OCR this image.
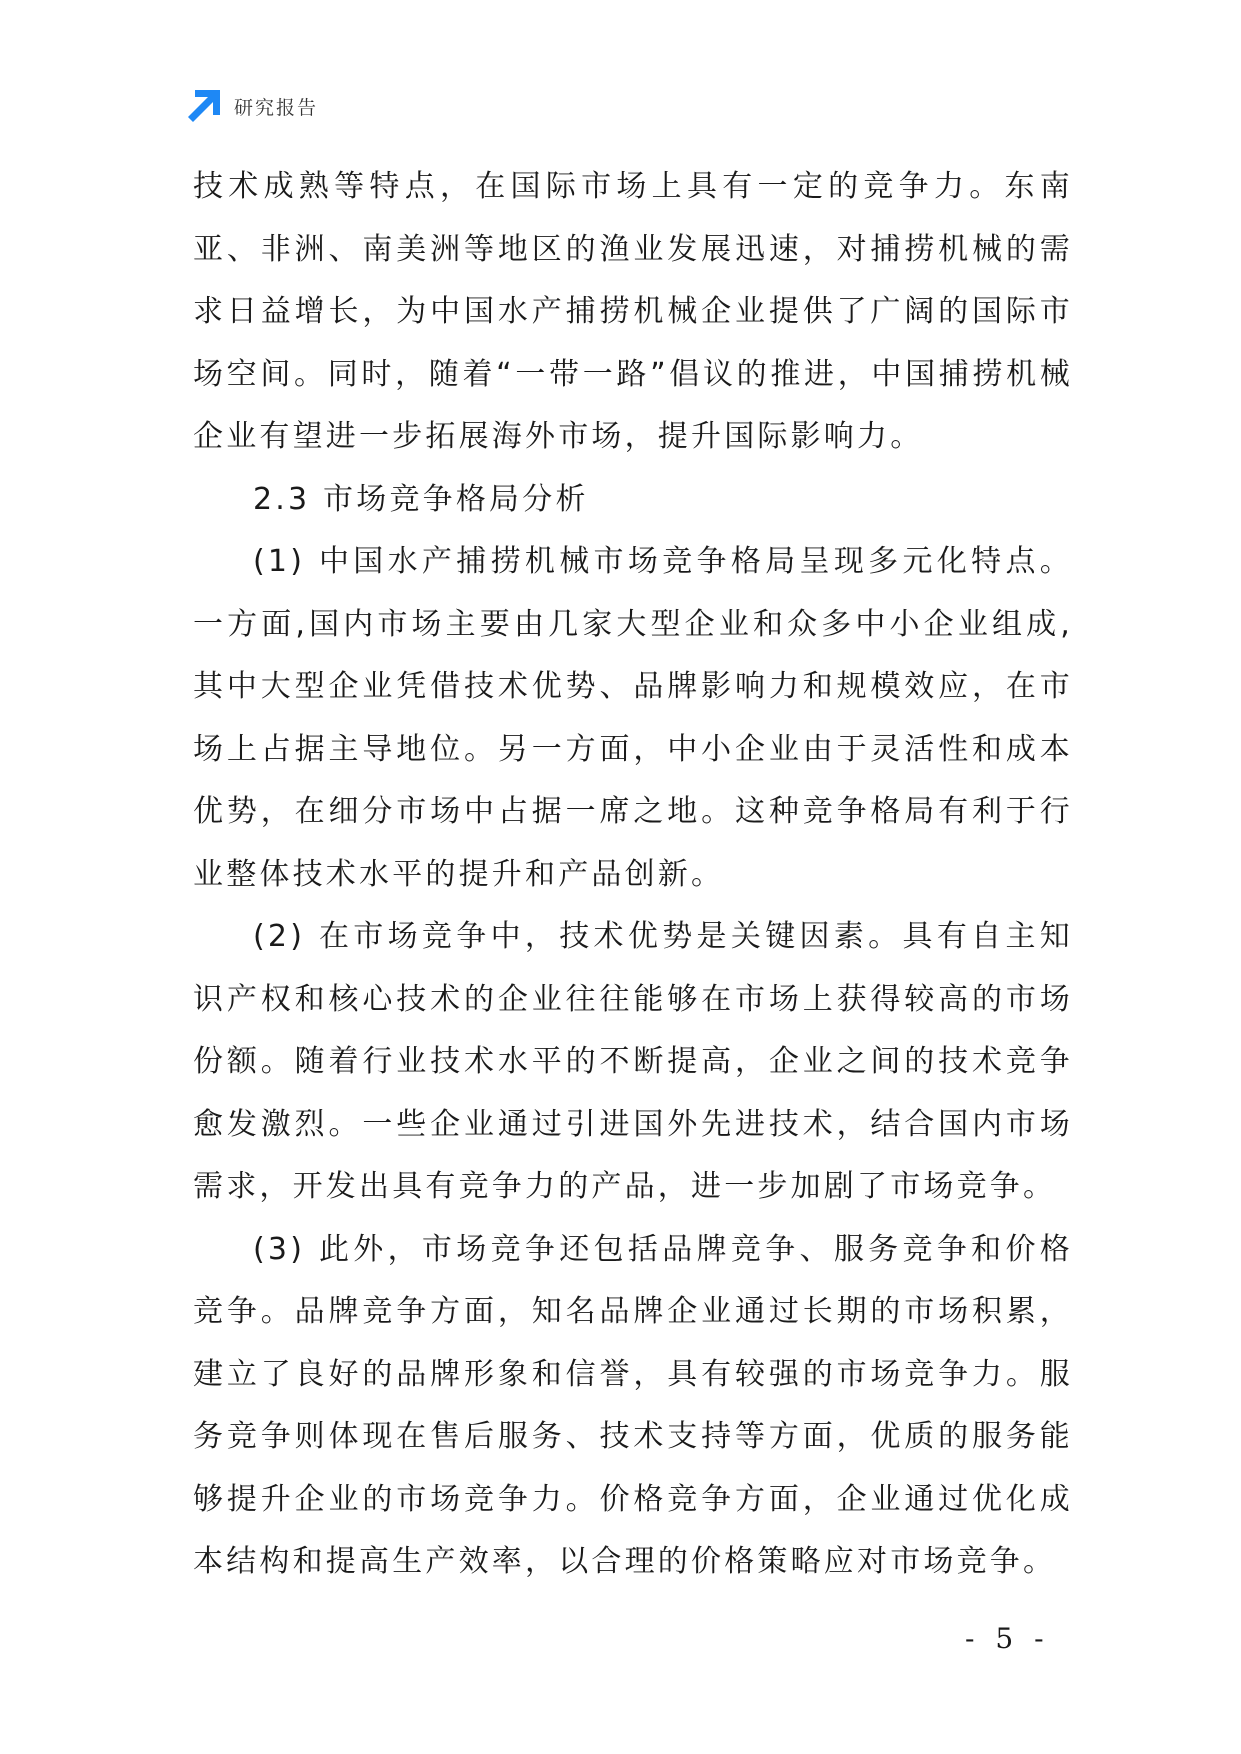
研究报告

技术成熟等特点，在国际市场上具有一定的竞争力。东南亚、非洲、南美洲等地区的渔业发展迅速，对捕捞机械的需求日益增长，为中国水产捕捞机械企业提供了广阔的国际市场空间。同时，随着“一带一路”倡议的推进，中国捕捞机械企业有望进一步拓展海外市场，提升国际影响力。

2.3 市场竞争格局分析

(1) 中国水产捕捞机械市场竞争格局呈现多元化特点。一方面,国内市场主要由几家大型企业和众多中小企业组成,其中大型企业凭借技术优势、品牌影响力和规模效应，在市场上占据主导地位。另一方面，中小企业由于灵活性和成本优势，在细分市场中占据一席之地。这种竞争格局有利于行业整体技术水平的提升和产品创新。

(2) 在市场竞争中，技术优势是关键因素。具有自主知识产权和核心技术的企业往往能够在市场上获得较高的市场份额。随着行业技术水平的不断提高，企业之间的技术竞争愈发激烈。一些企业通过引进国外先进技术，结合国内市场需求，开发出具有竞争力的产品，进一步加剧了市场竞争。

(3) 此外，市场竞争还包括品牌竞争、服务竞争和价格竞争。品牌竞争方面，知名品牌企业通过长期的市场积累，建立了良好的品牌形象和信誉，具有较强的市场竞争力。服务竞争则体现在售后服务、技术支持等方面，优质的服务能够提升企业的市场竞争力。价格竞争方面，企业通过优化成本结构和提高生产效率，以合理的价格策略应对市场竞争。

- 5 -
